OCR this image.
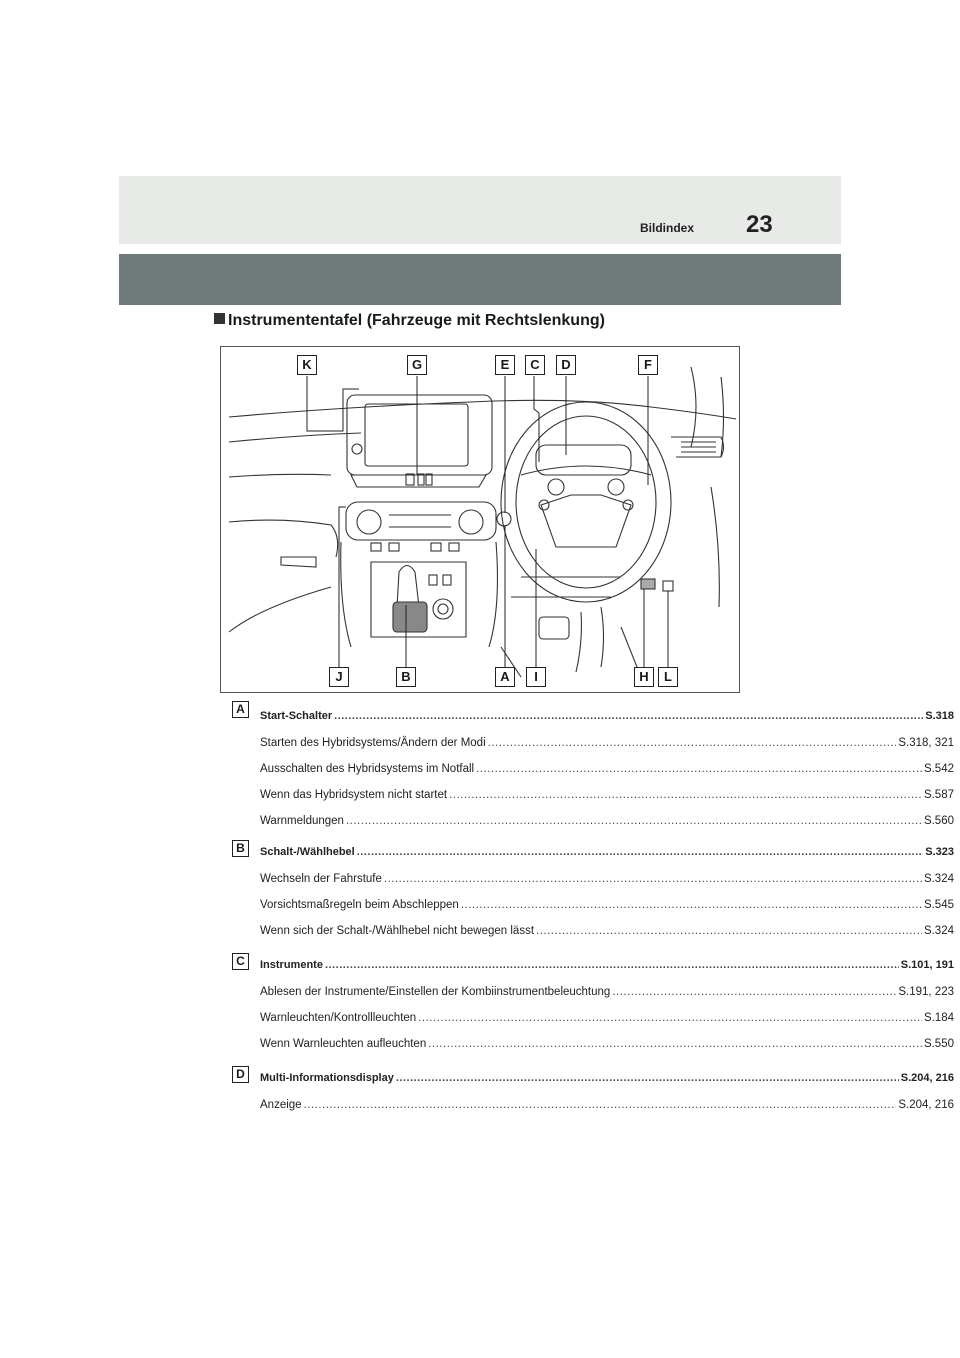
Bildindex 23
Instrumententafel (Fahrzeuge mit Rechtslenkung)
K	G	E	C	D	F
J	B	A	I	H	L
A	Start-Schalter .....	S.318
Starten des Hybridsystems/Ändern der Modi .....	S.318, 321
Ausschalten des Hybridsystems im Notfall .....	S.542
Wenn das Hybridsystem nicht startet .....	S.587
Warnmeldungen .....	S.560
B	Schalt-/Wählhebel .....	S.323
Wechseln der Fahrstufe .....	S.324
Vorsichtsmaßregeln beim Abschleppen .....	S.545
Wenn sich der Schalt-/Wählhebel nicht bewegen lässt .....	S.324
C	Instrumente .....	S.101, 191
Ablesen der Instrumente/Einstellen der Kombiinstrumentbeleuchtung .....	S.191, 223
Warnleuchten/Kontrollleuchten .....	S.184
Wenn Warnleuchten aufleuchten .....	S.550
D	Multi-Informationsdisplay .....	S.204, 216
Anzeige .....	S.204, 216
